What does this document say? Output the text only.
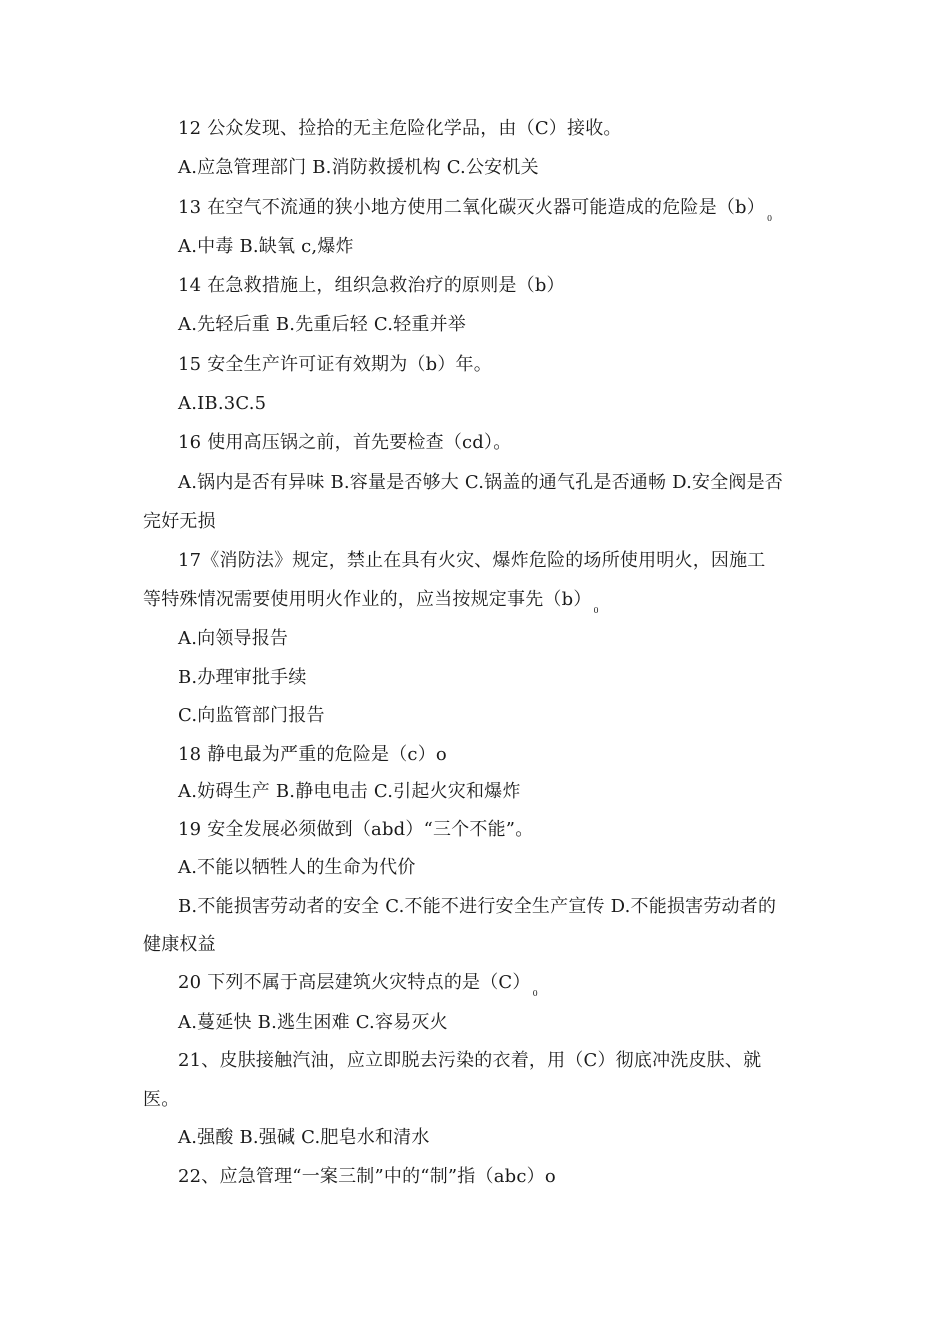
12 公众发现、捡拾的无主危险化学品，由（C）接收。
A.应急管理部门 B.消防救援机构 C.公安机关
13 在空气不流通的狭小地方使用二氧化碳灭火器可能造成的危险是$(b)_0$
A.中毒 B.缺氧 c,爆炸
14 在急救措施上，组织急救治疗的原则是（b）
A.先轻后重 B.先重后轻 C.轻重并举
15 安全生产许可证有效期为（b）年。
A.IB.3C.5
16 使用高压锅之前，首先要检查（cd）。
A.锅内是否有异味 B.容量是否够大 C.锅盖的通气孔是否通畅 D.安全阀是否
完好无损
17《消防法》规定，禁止在具有火灾、爆炸危险的场所使用明火，因施工
等特殊情况需要使用明火作业的，应当按规定事先$(b)_0$
A.向领导报告
B.办理审批手续
C.向监管部门报告
18 静电最为严重的危险是（c）o
A.妨碍生产 B.静电电击 C.引起火灾和爆炸
19 安全发展必须做到（abd）“三个不能”。
A.不能以牺牲人的生命为代价
B.不能损害劳动者的安全 C.不能不进行安全生产宣传 D.不能损害劳动者的
健康权益
20 下列不属于高层建筑火灾特点的是$(C)_0$
A.蔓延快 B.逃生困难 C.容易灭火
21、皮肤接触汽油，应立即脱去污染的衣着，用（C）彻底冲洗皮肤、就
医。
A.强酸 B.强碱 C.肥皂水和清水
22、应急管理“一案三制”中的“制”指（abc）o
